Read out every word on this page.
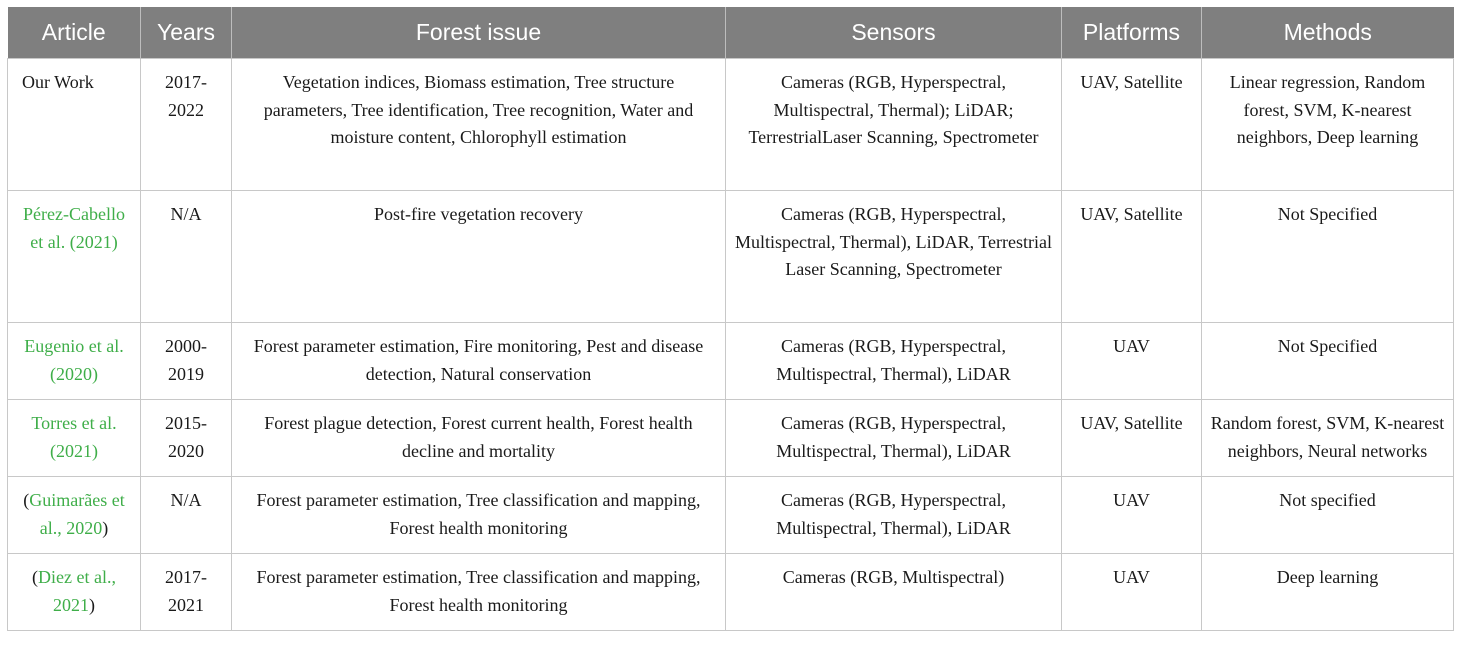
Article	Years	Forest issue	Sensors	Platforms	Methods
Our Work	2017-2022	Vegetation indices, Biomass estimation, Tree structure parameters, Tree identification, Tree recognition, Water and moisture content, Chlorophyll estimation	Cameras (RGB, Hyperspectral, Multispectral, Thermal); LiDAR; TerrestrialLaser Scanning, Spectrometer	UAV, Satellite	Linear regression, Random forest, SVM, K-nearest neighbors, Deep learning
Pérez-Cabello et al. (2021)	N/A	Post-fire vegetation recovery	Cameras (RGB, Hyperspectral, Multispectral, Thermal), LiDAR, Terrestrial Laser Scanning, Spectrometer	UAV, Satellite	Not Specified
Eugenio et al. (2020)	2000-2019	Forest parameter estimation, Fire monitoring, Pest and disease detection, Natural conservation	Cameras (RGB, Hyperspectral, Multispectral, Thermal), LiDAR	UAV	Not Specified
Torres et al. (2021)	2015-2020	Forest plague detection, Forest current health, Forest health decline and mortality	Cameras (RGB, Hyperspectral, Multispectral, Thermal), LiDAR	UAV, Satellite	Random forest, SVM, K-nearest neighbors, Neural networks
(Guimarães et al., 2020)	N/A	Forest parameter estimation, Tree classification and mapping, Forest health monitoring	Cameras (RGB, Hyperspectral, Multispectral, Thermal), LiDAR	UAV	Not specified
(Diez et al., 2021)	2017-2021	Forest parameter estimation, Tree classification and mapping, Forest health monitoring	Cameras (RGB, Multispectral)	UAV	Deep learning
